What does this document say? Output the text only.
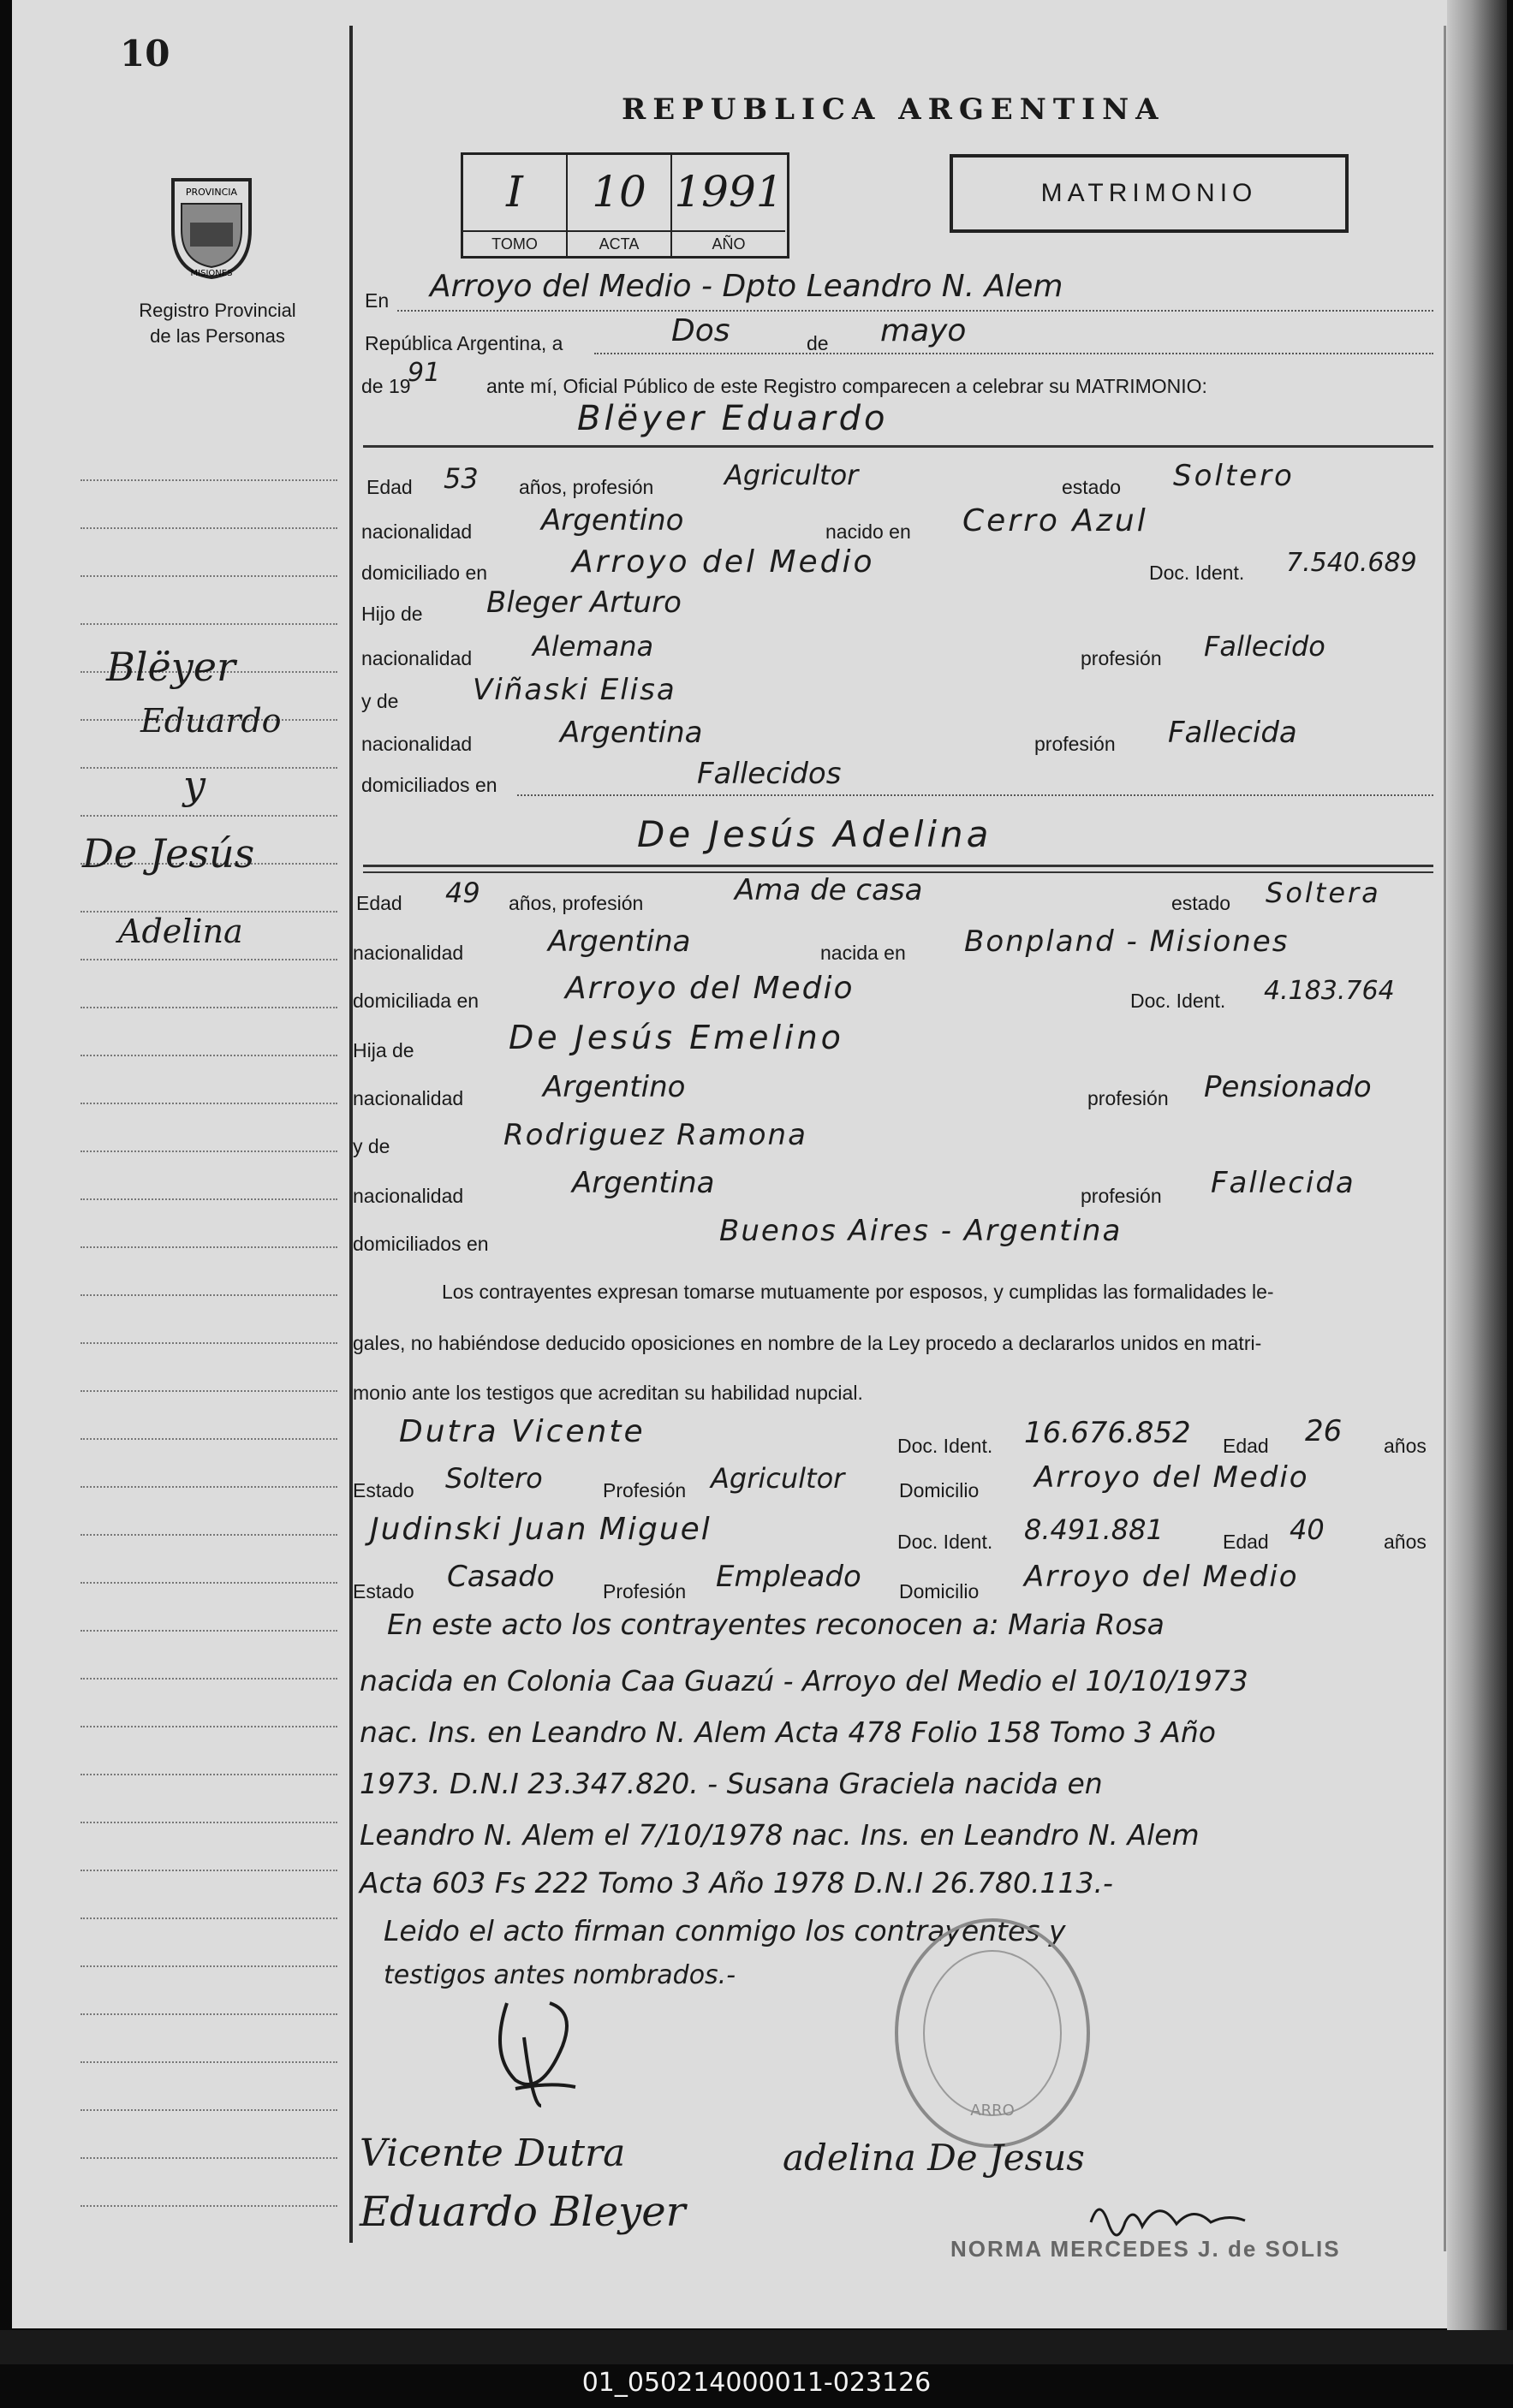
10
PROVINCIA
MISIONES
Registro Provincial
de las Personas
REPUBLICA ARGENTINA
I	10 1991
TOMO	ACTA	AÑO
MATRIMONIO
Blëyer
Eduardo
y
De Jesús
Adelina
En Arroyo del Medio - Dpto Leandro N. Alem
República Argentina, a	Dos	de mayo
de 19
91 ante mí, Oficial Público de este Registro comparecen a celebrar su MATRIMONIO:
Blëyer Eduardo
Edad 53 años, profesión	Agricultor	estado Soltero
nacionalidad Argentino	nacido en Cerro Azul
domiciliado en	Arroyo del Medio	Doc. Ident. 7.540.689
Hijo de Bleger Arturo
nacionalidad Alemana	profesión Fallecido
y de	Viñaski Elisa
nacionalidad	Argentina	profesión Fallecida
domiciliados en	Fallecidos
De Jesús Adelina
Edad 49 años, profesión	Ama de casa	estado Soltera
nacionalidad	Argentina	nacida en Bonpland - Misiones
domiciliada en	Arroyo del Medio	Doc. Ident. 4.183.764
Hija de	De Jesús Emelino
nacionalidad	Argentino	profesión Pensionado
y de	Rodriguez Ramona
nacionalidad	Argentina	profesión Fallecida
domiciliados en	Buenos Aires - Argentina
Los contrayentes expresan tomarse mutuamente por esposos, y cumplidas las formalidades le-
gales, no habiéndose deducido oposiciones en nombre de la Ley procedo a declararlos unidos en matri-
monio ante los testigos que acreditan su habilidad nupcial.
Dutra Vicente	Doc. Ident. 16.676.852 Edad 26 años
Estado Soltero	Profesión Agricultor	Domicilio Arroyo del Medio
Judinski Juan Miguel	Doc. Ident. 8.491.881	Edad 40	años
Estado Casado Profesión Empleado Domicilio Arroyo del Medio
En este acto los contrayentes reconocen a: Maria Rosa
nacida en Colonia Caa Guazú - Arroyo del Medio el 10/10/1973
nac. Ins. en Leandro N. Alem Acta 478 Folio 158 Tomo 3 Año
1973. D.N.I 23.347.820. - Susana Graciela nacida en
Leandro N. Alem el 7/10/1978 nac. Ins. en Leandro N. Alem
Acta 603 Fs 222 Tomo 3 Año 1978 D.N.I 26.780.113.-
Leido el acto firman conmigo los contrayentes y
testigos antes nombrados.-
ARRO
Vicente Dutra	adelina De Jesus
Eduardo Bleyer
NORMA MERCEDES J. de SOLIS
01_050214000011-023126
